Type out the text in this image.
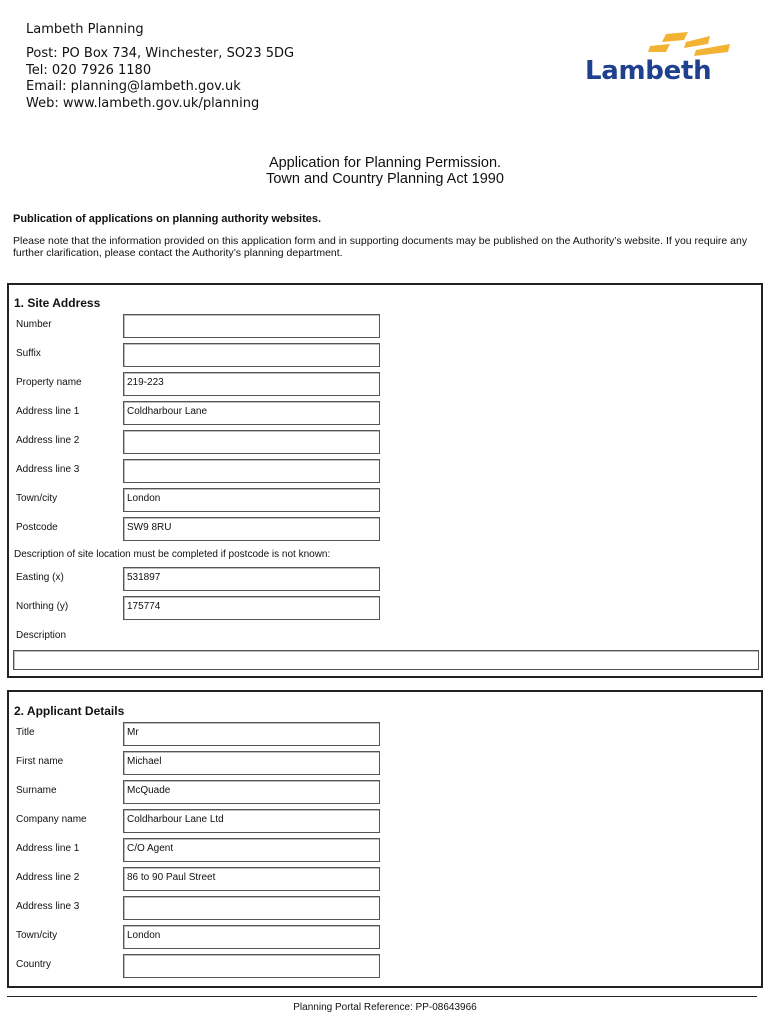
Lambeth Planning
Post: PO Box 734, Winchester, SO23 5DG
Tel: 020 7926 1180
Email: planning@lambeth.gov.uk
Web: www.lambeth.gov.uk/planning
Lambeth
Application for Planning Permission.
Town and Country Planning Act 1990
Publication of applications on planning authority websites.
Please note that the information provided on this application form and in supporting documents may be published on the Authority’s website. If you require any further clarification, please contact the Authority’s planning department.
1. Site Address
Number
Suffix
Property name	219-223
Address line 1	Coldharbour Lane
Address line 2
Address line 3
Town/city	London
Postcode	SW9 8RU
Description of site location must be completed if postcode is not known:
Easting (x)	531897
Northing (y)	175774
Description
2. Applicant Details
Title	Mr
First name	Michael
Surname	McQuade
Company name	Coldharbour Lane Ltd
Address line 1	C/O Agent
Address line 2	86 to 90 Paul Street
Address line 3
Town/city	London
Country
Planning Portal Reference: PP-08643966
